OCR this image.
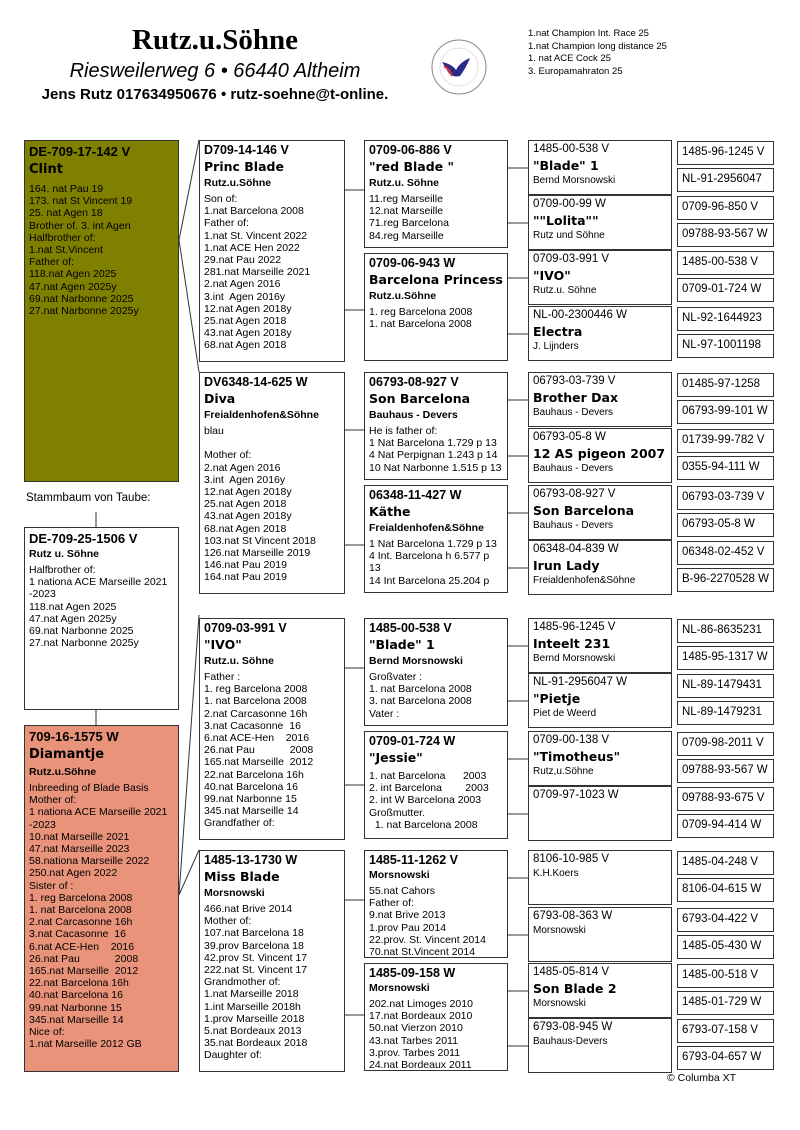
Rutz.u.Söhne
Riesweilerweg 6 • 66440 Altheim
Jens Rutz 017634950676 • rutz-soehne@t-online.
1.nat Champion Int. Race 25
1.nat Champion long distance 25
1. nat ACE Cock 25
3. Europamahraton 25
DE-709-17-142 V
Clint
164. nat Pau 19
173. nat St Vincent 19
25. nat Agen 18
Brother of. 3. int Agen
Halfbrother of:
1.nat St.Vincent
Father of:
118.nat Agen 2025
47.nat Agen 2025y
69.nat Narbonne 2025
27.nat Narbonne 2025y
Stammbaum von Taube:
DE-709-25-1506 V
Rutz u. Söhne
Halfbrother of:
1 nationa ACE Marseille 2021
-2023
118.nat Agen 2025
47.nat Agen 2025y
69.nat Narbonne 2025
27.nat Narbonne 2025y
709-16-1575 W
Diamantje
Rutz.u.Söhne
Inbreeding of Blade Basis
Mother of:
1 nationa ACE Marseille 2021
-2023
10.nat Marseille 2021
47.nat Marseille 2023
58.nationa Marseille 2022
250.nat Agen 2022
Sister of :
1. reg Barcelona 2008
1. nat Barcelona 2008
2.nat Carcasonne 16h
3.nat Cacasonne  16
6.nat ACE-Hen    2016
26.nat Pau            2008
165.nat Marseille  2012
22.nat Barcelona 16h
40.nat Barcelona 16
99.nat Narbonne 15
345.nat Marseille 14
Nice of:
1.nat Marseille 2012 GB
D709-14-146 V
Princ Blade
Rutz.u.Söhne
Son of:
1.nat Barcelona 2008
Father of:
1.nat St. Vincent 2022
1.nat ACE Hen 2022
29.nat Pau 2022
281.nat Marseille 2021
2.nat Agen 2016
3.int  Agen 2016y
12.nat Agen 2018y
25.nat Agen 2018
43.nat Agen 2018y
68.nat Agen 2018
DV6348-14-625 W
Diva
Freialdenhofen&Söhne
blau

Mother of:
2.nat Agen 2016
3.int  Agen 2016y
12.nat Agen 2018y
25.nat Agen 2018
43.nat Agen 2018y
68.nat Agen 2018
103.nat St Vincent 2018
126.nat Marseille 2019
146.nat Pau 2019
164.nat Pau 2019
0709-03-991 V
"IVO"
Rutz.u. Söhne
Father :
1. reg Barcelona 2008
1. nat Barcelona 2008
2.nat Carcasonne 16h
3.nat Cacasonne  16
6.nat ACE-Hen    2016
26.nat Pau            2008
165.nat Marseille  2012
22.nat Barcelona 16h
40.nat Barcelona 16
99.nat Narbonne 15
345.nat Marseille 14
Grandfather of:
1485-13-1730 W
Miss Blade
Morsnowski
466.nat Brive 2014
Mother of:
107.nat Barcelona 18
39.prov Barcelona 18
42.prov St. Vincent 17
222.nat St. Vincent 17
Grandmother of:
1.nat Marseille 2018
1.int Marseille 2018h
1.prov Marseille 2018
5.nat Bordeaux 2013
35.nat Bordeaux 2018
Daughter of:
0709-06-886 V
"red Blade "
Rutz.u. Söhne
11.reg Marseille
12.nat Marseille
71.reg Barcelona
84.reg Marseille
0709-06-943 W
Barcelona Princess
Rutz.u.Söhne
1. reg Barcelona 2008
1. nat Barcelona 2008
06793-08-927 V
Son Barcelona
Bauhaus - Devers
He is father of:
1 Nat Barcelona 1.729 p 13
4 Nat Perpignan 1.243 p 14
10 Nat Narbonne 1.515 p 13
06348-11-427 W
Käthe
Freialdenhofen&Söhne
1 Nat Barcelona 1.729 p 13
4 Int. Barcelona h 6.577 p
13
14 Int Barcelona 25.204 p
1485-00-538 V
"Blade" 1
Bernd Morsnowski
Großvater :
1. nat Barcelona 2008
3. nat Barcelona 2008
Vater :
0709-01-724 W
"Jessie"
1. nat Barcelona      2003
2. int Barcelona        2003
2. int W Barcelona 2003
Großmutter.
1. nat Barcelona 2008
1485-11-1262 V
Morsnowski
55.nat Cahors
Father of:
9.nat Brive 2013
1.prov Pau 2014
22.prov. St. Vincent 2014
70.nat St.Vincent 2014
1485-09-158 W
Morsnowski
202.nat Limoges 2010
17.nat Bordeaux 2010
50.nat Vierzon 2010
43.nat Tarbes 2011
3.prov. Tarbes 2011
24.nat Bordeaux 2011
1485-00-538 V
"Blade" 1
Bernd Morsnowski
0709-00-99 W
""Lolita""
Rutz und Söhne
0709-03-991 V
"IVO"
Rutz.u. Söhne
NL-00-2300446 W
Electra
J. Lijnders
06793-03-739 V
Brother Dax
Bauhaus - Devers
06793-05-8 W
12 AS pigeon 2007
Bauhaus - Devers
06793-08-927 V
Son Barcelona
Bauhaus - Devers
06348-04-839 W
Irun Lady
Freialdenhofen&Söhne
1485-96-1245 V
Inteelt 231
Bernd Morsnowski
NL-91-2956047 W
"Pietje
Piet de Weerd
0709-00-138 V
"Timotheus"
Rutz,u.Söhne
0709-97-1023 W
8106-10-985 V
K.H.Koers
6793-08-363 W
Morsnowski
1485-05-814 V
Son Blade 2
Morsnowski
6793-08-945 W
Bauhaus-Devers
1485-96-1245 V
NL-91-2956047
0709-96-850 V
09788-93-567 W
1485-00-538 V
0709-01-724 W
NL-92-1644923
NL-97-1001198
01485-97-1258
06793-99-101 W
01739-99-782 V
0355-94-111 W
06793-03-739 V
06793-05-8 W
06348-02-452 V
B-96-2270528 W
NL-86-8635231
1485-95-1317 W
NL-89-1479431
NL-89-1479231
0709-98-2011 V
09788-93-567 W
09788-93-675 V
0709-94-414 W
1485-04-248 V
8106-04-615 W
6793-04-422 V
1485-05-430 W
1485-00-518 V
1485-01-729 W
6793-07-158 V
6793-04-657 W
© Columba XT
